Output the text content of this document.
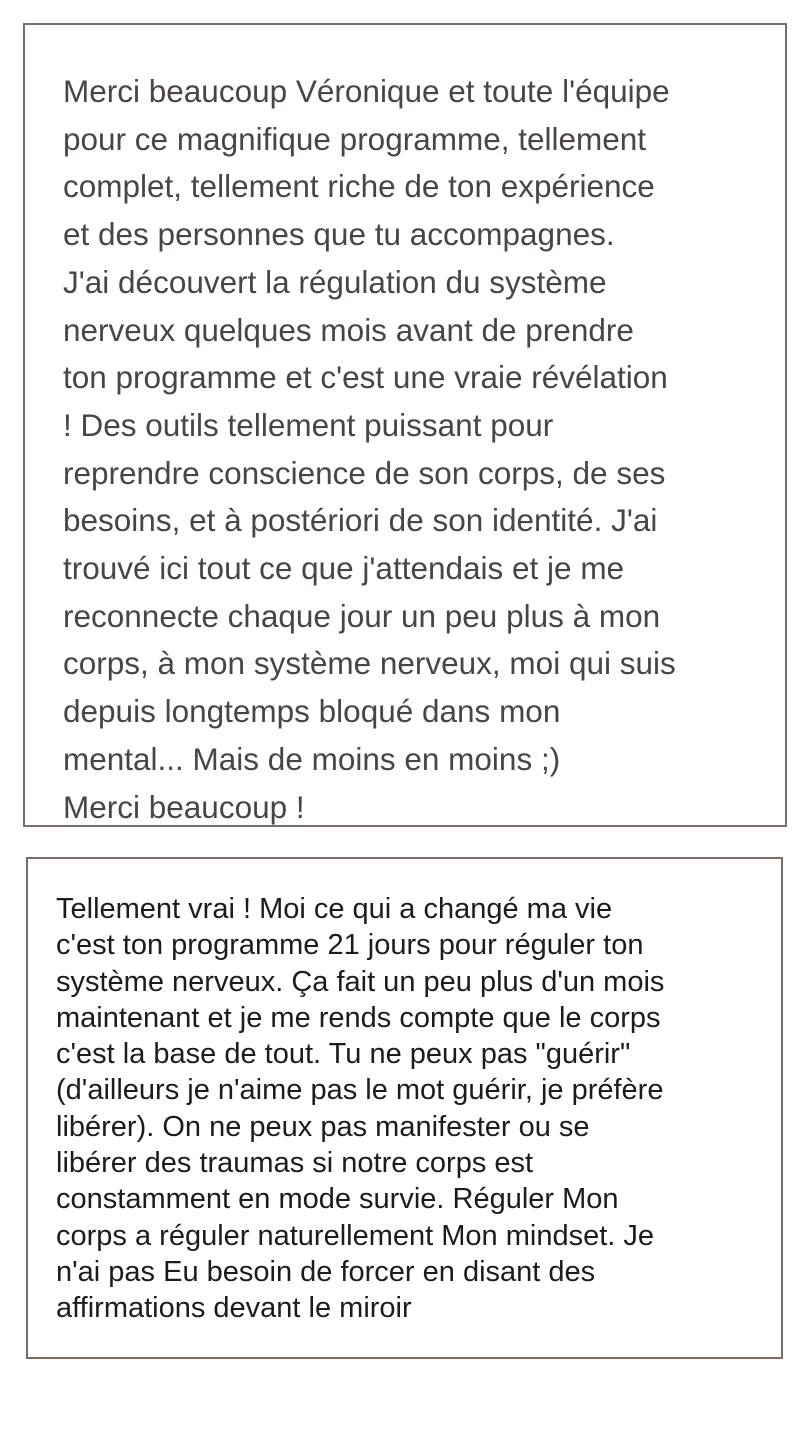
Merci beaucoup Véronique et toute l'équipe
pour ce magnifique programme, tellement
complet, tellement riche de ton expérience
et des personnes que tu accompagnes.
J'ai découvert la régulation du système
nerveux quelques mois avant de prendre
ton programme et c'est une vraie révélation
! Des outils tellement puissant pour
reprendre conscience de son corps, de ses
besoins, et à postériori de son identité. J'ai
trouvé ici tout ce que j'attendais et je me
reconnecte chaque jour un peu plus à mon
corps, à mon système nerveux, moi qui suis
depuis longtemps bloqué dans mon
mental... Mais de moins en moins ;)
Merci beaucoup !

Tellement vrai ! Moi ce qui a changé ma vie
c'est ton programme 21 jours pour réguler ton
système nerveux. Ça fait un peu plus d'un mois
maintenant et je me rends compte que le corps
c'est la base de tout. Tu ne peux pas "guérir"
(d'ailleurs je n'aime pas le mot guérir, je préfère
libérer). On ne peux pas manifester ou se
libérer des traumas si notre corps est
constamment en mode survie. Réguler Mon
corps a réguler naturellement Mon mindset. Je
n'ai pas Eu besoin de forcer en disant des
affirmations devant le miroir
